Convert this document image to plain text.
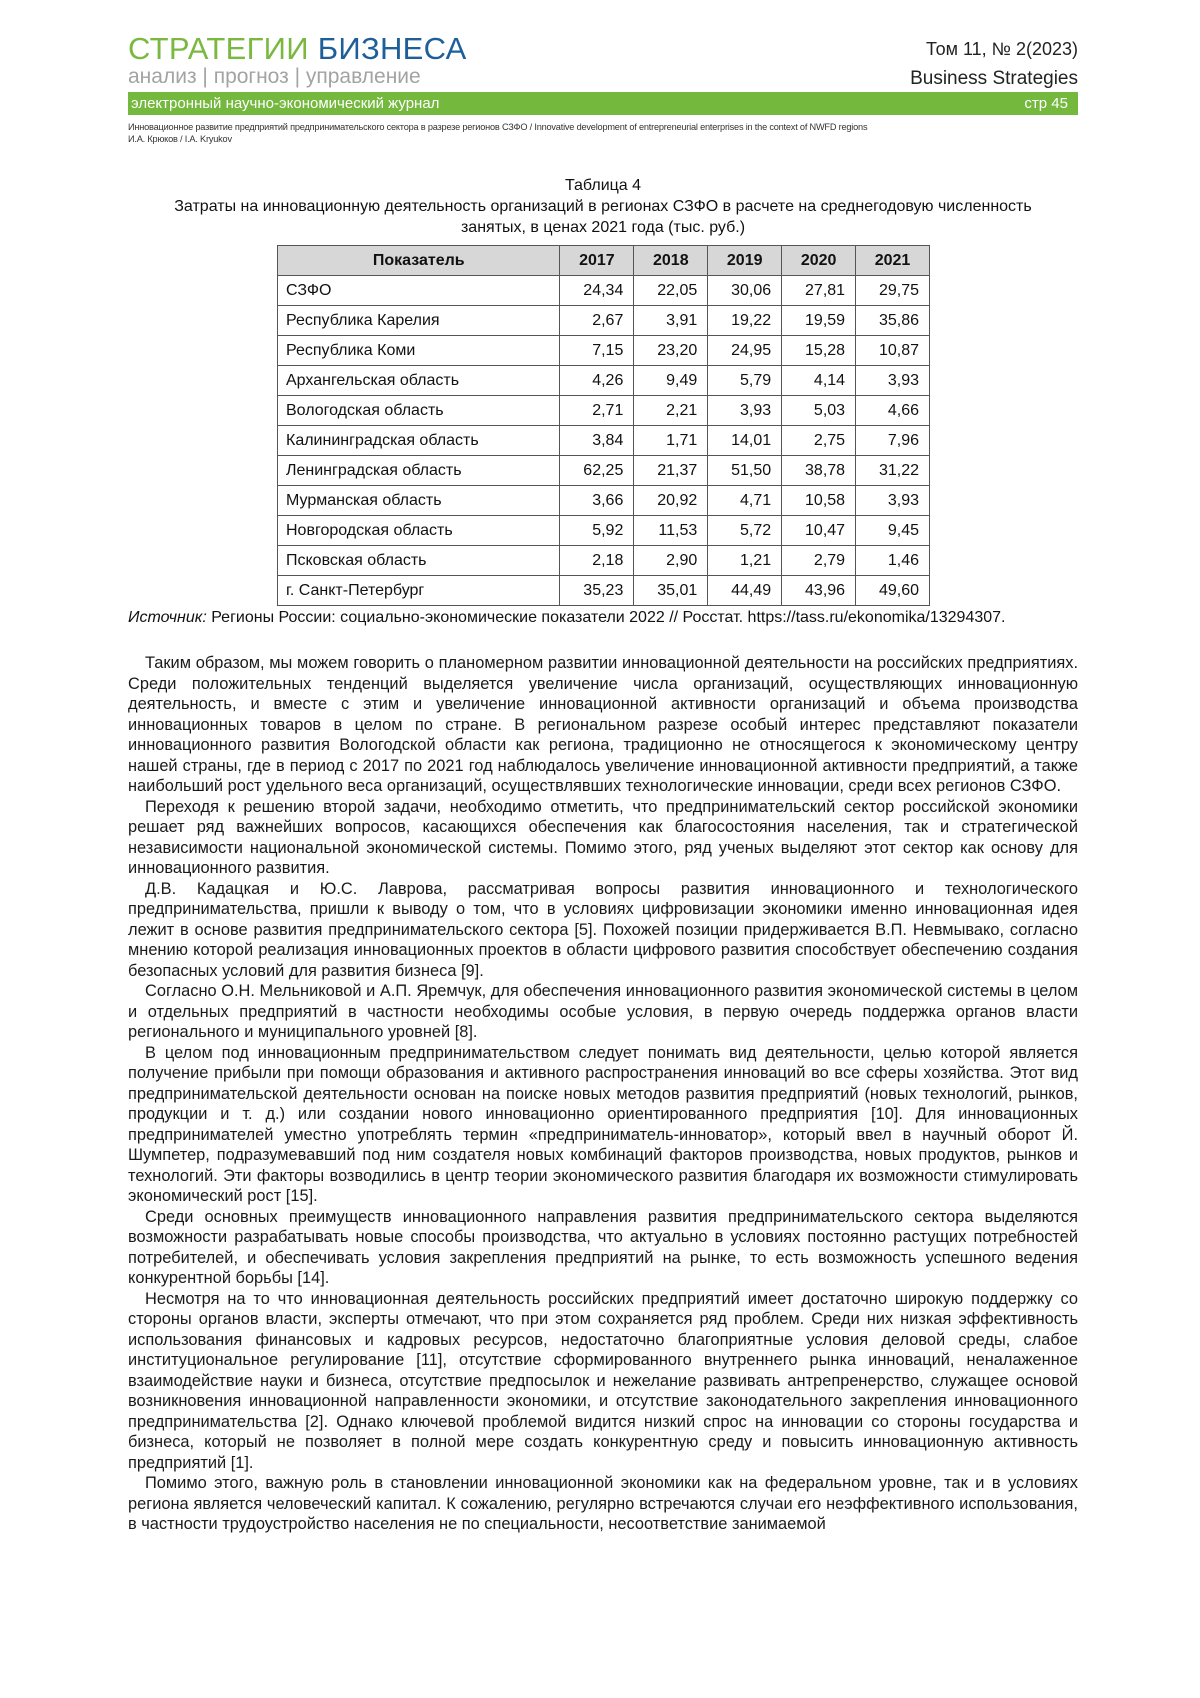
СТРАТЕГИИ БИЗНЕСА
анализ | прогноз | управление
Том 11, № 2(2023)
Business Strategies
электронный научно-экономический журнал	стр 45
Инновационное развитие предприятий предпринимательского сектора в разрезе регионов СЗФО / Innovative development of entrepreneurial enterprises in the context of NWFD regions
И.А. Крюков / I.A. Kryukov
Таблица 4
Затраты на инновационную деятельность организаций в регионах СЗФО в расчете на среднегодовую численность
занятых, в ценах 2021 года (тыс. руб.)
Показатель	2017	2018	2019	2020	2021
СЗФО	24,34	22,05	30,06	27,81	29,75
Республика Карелия	2,67	3,91	19,22	19,59	35,86
Республика Коми	7,15	23,20	24,95	15,28	10,87
Архангельская область	4,26	9,49	5,79	4,14	3,93
Вологодская область	2,71	2,21	3,93	5,03	4,66
Калининградская область	3,84	1,71	14,01	2,75	7,96
Ленинградская область	62,25	21,37	51,50	38,78	31,22
Мурманская область	3,66	20,92	4,71	10,58	3,93
Новгородская область	5,92	11,53	5,72	10,47	9,45
Псковская область	2,18	2,90	1,21	2,79	1,46
г. Санкт-Петербург	35,23	35,01	44,49	43,96	49,60
Источник: Регионы России: социально-экономические показатели 2022 // Росстат. https://tass.ru/ekonomika/13294307.

Таким образом, мы можем говорить о планомерном развитии инновационной деятельности на российских предприятиях. Среди положительных тенденций выделяется увеличение числа организаций, осуществляющих инновационную деятельность, и вместе с этим и увеличение инновационной активности организаций и объема производства инновационных товаров в целом по стране. В региональном разрезе особый интерес представляют показатели инновационного развития Вологодской области как региона, традиционно не относящегося к экономическому центру нашей страны, где в период с 2017 по 2021 год наблюдалось увеличение инновационной активности предприятий, а также наибольший рост удельного веса организаций, осуществлявших технологические инновации, среди всех регионов СЗФО.

Переходя к решению второй задачи, необходимо отметить, что предпринимательский сектор российской экономики решает ряд важнейших вопросов, касающихся обеспечения как благосостояния населения, так и стратегической независимости национальной экономической системы. Помимо этого, ряд ученых выделяют этот сектор как основу для инновационного развития.

Д.В. Кадацкая и Ю.С. Лаврова, рассматривая вопросы развития инновационного и технологического предпринимательства, пришли к выводу о том, что в условиях цифровизации экономики именно инновационная идея лежит в основе развития предпринимательского сектора [5]. Похожей позиции придерживается В.П. Невмывако, согласно мнению которой реализация инновационных проектов в области цифрового развития способствует обеспечению создания безопасных условий для развития бизнеса [9].

Согласно О.Н. Мельниковой и А.П. Яремчук, для обеспечения инновационного развития экономической системы в целом и отдельных предприятий в частности необходимы особые условия, в первую очередь поддержка органов власти регионального и муниципального уровней [8].

В целом под инновационным предпринимательством следует понимать вид деятельности, целью которой является получение прибыли при помощи образования и активного распространения инноваций во все сферы хозяйства. Этот вид предпринимательской деятельности основан на поиске новых методов развития предприятий (новых технологий, рынков, продукции и т. д.) или создании нового инновационно ориентированного предприятия [10]. Для инновационных предпринимателей уместно употреблять термин «предприниматель-инноватор», который ввел в научный оборот Й. Шумпетер, подразумевавший под ним создателя новых комбинаций факторов производства, новых продуктов, рынков и технологий. Эти факторы возводились в центр теории экономического развития благодаря их возможности стимулировать экономический рост [15].

Среди основных преимуществ инновационного направления развития предпринимательского сектора выделяются возможности разрабатывать новые способы производства, что актуально в условиях постоянно растущих потребностей потребителей, и обеспечивать условия закрепления предприятий на рынке, то есть возможность успешного ведения конкурентной борьбы [14].

Несмотря на то что инновационная деятельность российских предприятий имеет достаточно широкую поддержку со стороны органов власти, эксперты отмечают, что при этом сохраняется ряд проблем. Среди них низкая эффективность использования финансовых и кадровых ресурсов, недостаточно благоприятные условия деловой среды, слабое институциональное регулирование [11], отсутствие сформированного внутреннего рынка инноваций, неналаженное взаимодействие науки и бизнеса, отсутствие предпосылок и нежелание развивать антрепренерство, служащее основой возникновения инновационной направленности экономики, и отсутствие законодательного закрепления инновационного предпринимательства [2]. Однако ключевой проблемой видится низкий спрос на инновации со стороны государства и бизнеса, который не позволяет в полной мере создать конкурентную среду и повысить инновационную активность предприятий [1].

Помимо этого, важную роль в становлении инновационной экономики как на федеральном уровне, так и в условиях региона является человеческий капитал. К сожалению, регулярно встречаются случаи его неэффективного использования, в частности трудоустройство населения не по специальности, несоответствие занимаемой
